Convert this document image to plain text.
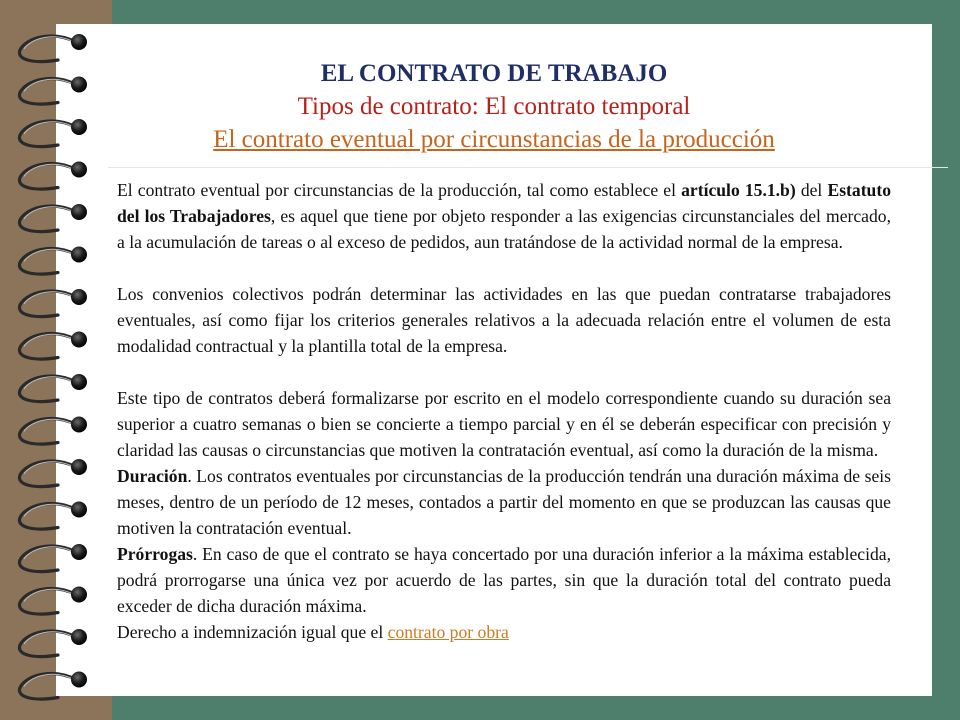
EL CONTRATO DE TRABAJO
Tipos de contrato: El contrato temporal
El contrato eventual por circunstancias de la producción

El contrato eventual por circunstancias de la producción, tal como establece el artículo 15.1.b) del Estatuto del los Trabajadores, es aquel que tiene por objeto responder a las exigencias circunstanciales del mercado, a la acumulación de tareas o al exceso de pedidos, aun tratándose de la actividad normal de la empresa.

Los convenios colectivos podrán determinar las actividades en las que puedan contratarse trabajadores eventuales, así como fijar los criterios generales relativos a la adecuada relación entre el volumen de esta modalidad contractual y la plantilla total de la empresa.

Este tipo de contratos deberá formalizarse por escrito en el modelo correspondiente cuando su duración sea superior a cuatro semanas o bien se concierte a tiempo parcial y en él se deberán especificar con precisión y claridad las causas o circunstancias que motiven la contratación eventual, así como la duración de la misma.

Duración. Los contratos eventuales por circunstancias de la producción tendrán una duración máxima de seis meses, dentro de un período de 12 meses, contados a partir del momento en que se produzcan las causas que motiven la contratación eventual.

Prórrogas. En caso de que el contrato se haya concertado por una duración inferior a la máxima establecida, podrá prorrogarse una única vez por acuerdo de las partes, sin que la duración total del contrato pueda exceder de dicha duración máxima.

Derecho a indemnización igual que el contrato por obra
